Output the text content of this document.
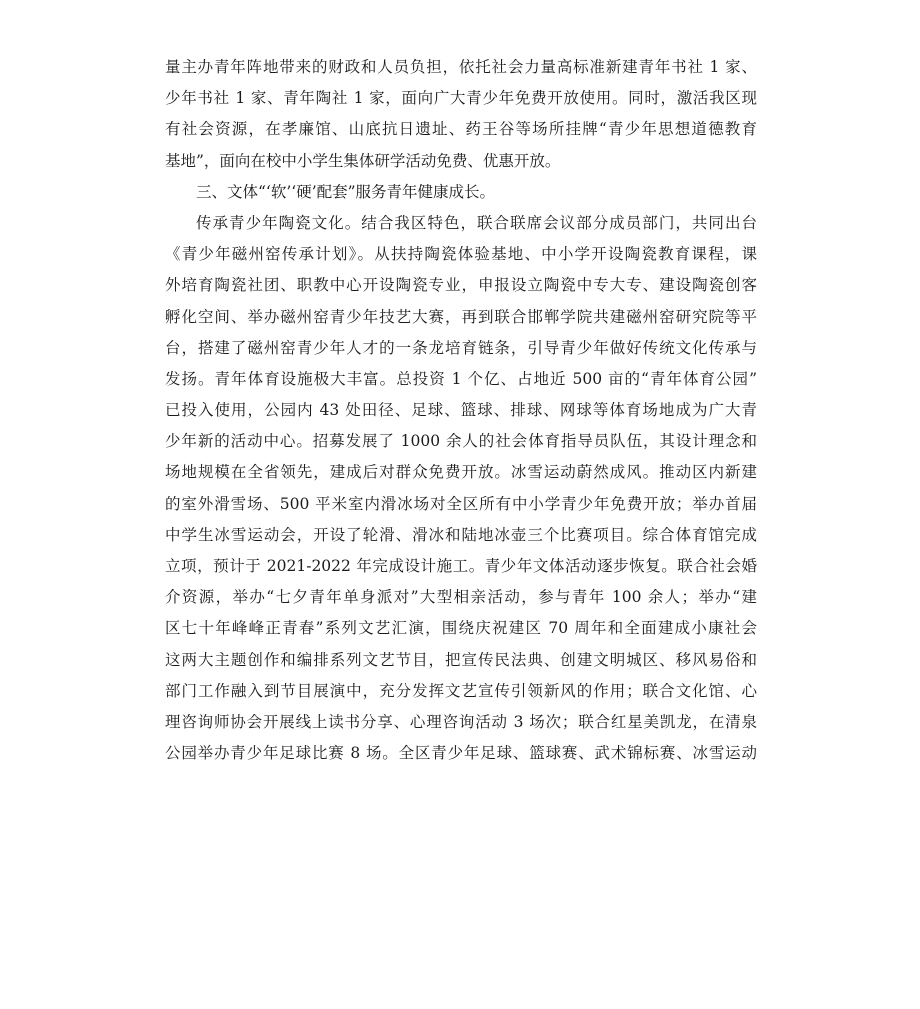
量主办青年阵地带来的财政和人员负担，依托社会力量高标准新建青年书社 1 家、
少年书社 1 家、青年陶社 1 家，面向广大青少年免费开放使用。同时，激活我区现
有社会资源，在孝廉馆、山底抗日遗址、药王谷等场所挂牌“青少年思想道德教育
基地”，面向在校中小学生集体研学活动免费、优惠开放。
三、文体“‘软’‘硬’配套”服务青年健康成长。
传承青少年陶瓷文化。结合我区特色，联合联席会议部分成员部门，共同出台
《青少年磁州窑传承计划》。从扶持陶瓷体验基地、中小学开设陶瓷教育课程，课
外培育陶瓷社团、职教中心开设陶瓷专业，申报设立陶瓷中专大专、建设陶瓷创客
孵化空间、举办磁州窑青少年技艺大赛，再到联合邯郸学院共建磁州窑研究院等平
台，搭建了磁州窑青少年人才的一条龙培育链条，引导青少年做好传统文化传承与
发扬。青年体育设施极大丰富。总投资 1 个亿、占地近 500 亩的“青年体育公园”
已投入使用，公园内 43 处田径、足球、篮球、排球、网球等体育场地成为广大青
少年新的活动中心。招募发展了 1000 余人的社会体育指导员队伍，其设计理念和
场地规模在全省领先，建成后对群众免费开放。冰雪运动蔚然成风。推动区内新建
的室外滑雪场、500 平米室内滑冰场对全区所有中小学青少年免费开放；举办首届
中学生冰雪运动会，开设了轮滑、滑冰和陆地冰壶三个比赛项目。综合体育馆完成
立项，预计于 2021-2022 年完成设计施工。青少年文体活动逐步恢复。联合社会婚
介资源，举办“七夕青年单身派对”大型相亲活动，参与青年 100 余人；举办“建
区七十年峰峰正青春”系列文艺汇演，围绕庆祝建区 70 周年和全面建成小康社会
这两大主题创作和编排系列文艺节目，把宣传民法典、创建文明城区、移风易俗和
部门工作融入到节目展演中，充分发挥文艺宣传引领新风的作用；联合文化馆、心
理咨询师协会开展线上读书分享、心理咨询活动 3 场次；联合红星美凯龙，在清泉
公园举办青少年足球比赛 8 场。全区青少年足球、篮球赛、武术锦标赛、冰雪运动
